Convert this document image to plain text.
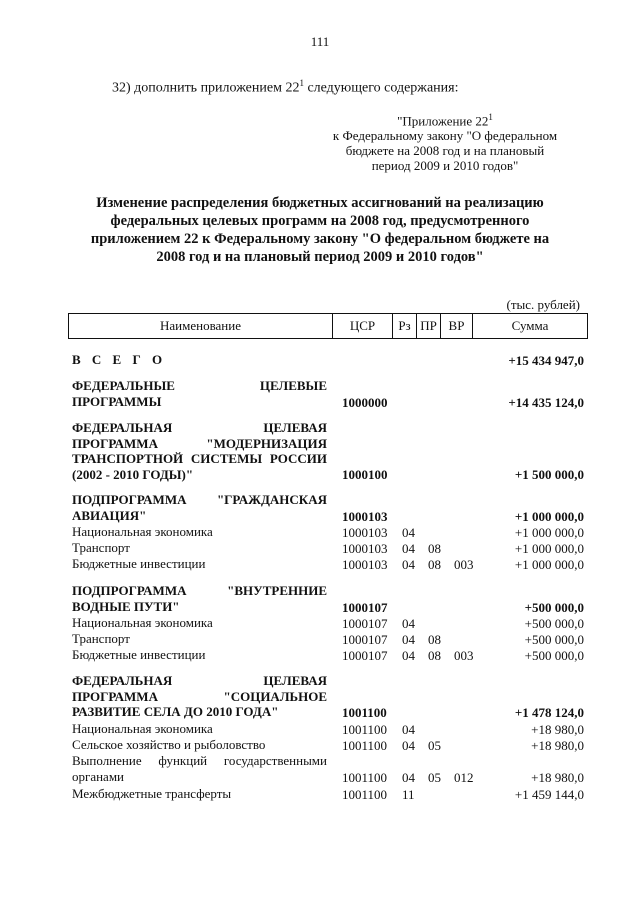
111
32) дополнить приложением $22^1$ следующего содержания:
"Приложение $22^1$
к Федеральному закону "О федеральном
бюджете на 2008 год и на плановый
период 2009 и 2010 годов"
Изменение распределения бюджетных ассигнований на реализацию
федеральных целевых программ на 2008 год, предусмотренного
приложением 22 к Федеральному закону "О федеральном бюджете на
2008 год и на плановый период 2009 и 2010 годов"
(тыс. рублей)
Наименование	ЦСР	Рз ПР ВР	Сумма
В С Е Г О	+15 434 947,0
ФЕДЕРАЛЬНЫЕ ЦЕЛЕВЫЕ ПРОГРАММЫ	1000000	+14 435 124,0
ФЕДЕРАЛЬНАЯ ЦЕЛЕВАЯ ПРОГРАММА "МОДЕРНИЗАЦИЯ ТРАНСПОРТНОЙ СИСТЕМЫ РОССИИ (2002 - 2010 ГОДЫ)"	1000100	+1 500 000,0
ПОДПРОГРАММА "ГРАЖДАНСКАЯ АВИАЦИЯ"	1000103	+1 000 000,0
Национальная экономика	1000103 04	+1 000 000,0
Транспорт	1000103 04 08	+1 000 000,0
Бюджетные инвестиции	1000103 04 08 003	+1 000 000,0
ПОДПРОГРАММА "ВНУТРЕННИЕ ВОДНЫЕ ПУТИ"	1000107	+500 000,0
Национальная экономика	1000107 04	+500 000,0
Транспорт	1000107 04 08	+500 000,0
Бюджетные инвестиции	1000107 04 08 003	+500 000,0
ФЕДЕРАЛЬНАЯ ЦЕЛЕВАЯ ПРОГРАММА "СОЦИАЛЬНОЕ РАЗВИТИЕ СЕЛА ДО 2010 ГОДА"	1001100	+1 478 124,0
Национальная экономика	1001100 04	+18 980,0
Сельское хозяйство и рыболовство	1001100 04 05	+18 980,0
Выполнение функций государственными органами	1001100 04 05 012	+18 980,0
Межбюджетные трансферты	1001100 11	+1 459 144,0
